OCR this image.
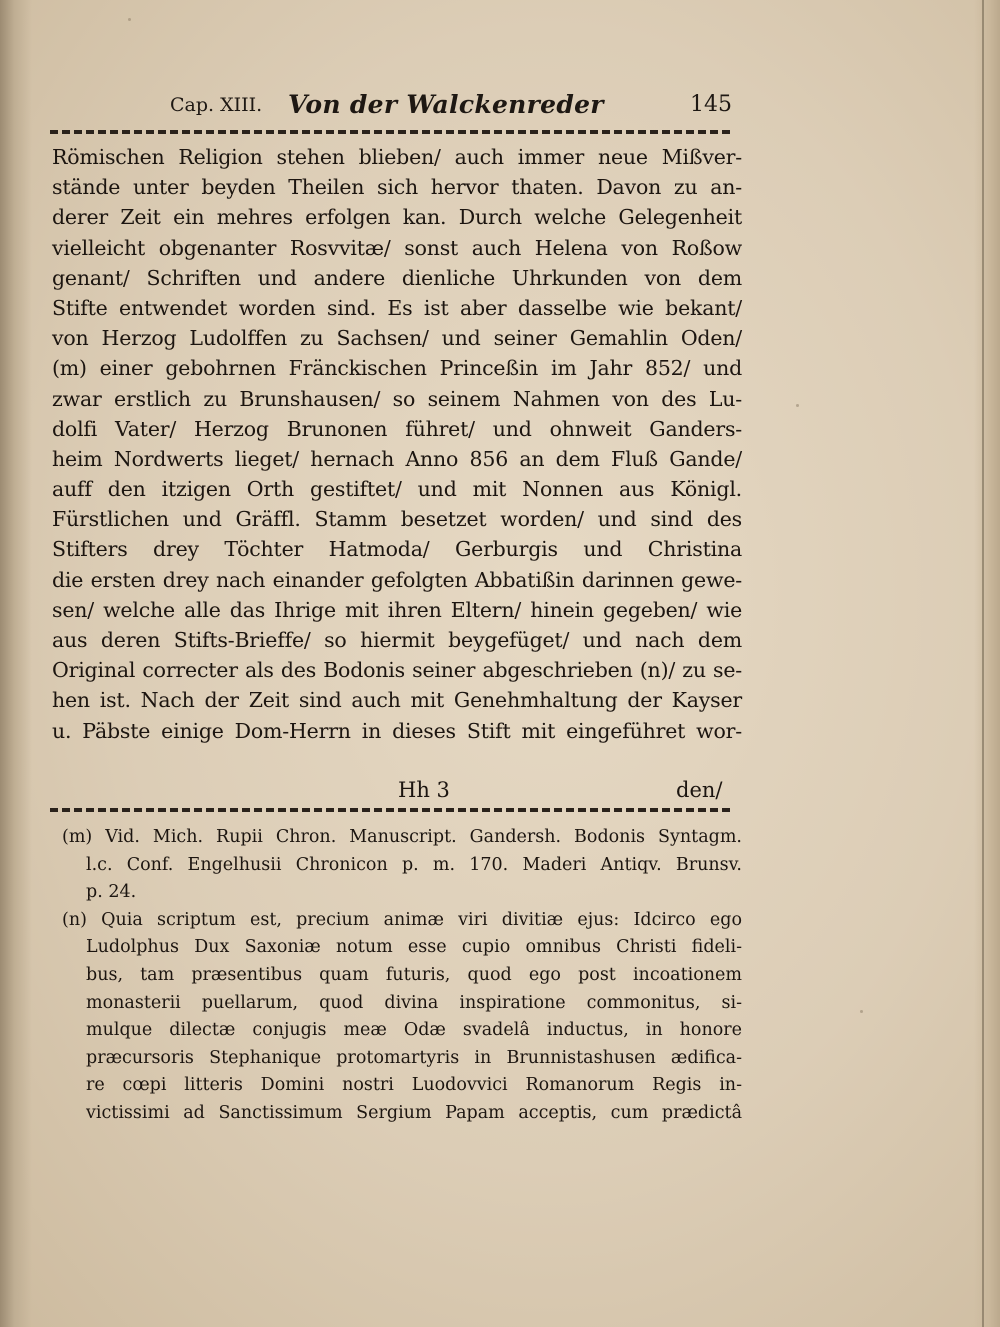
Cap. XIII. Von der Walckenreder	145
Römischen Religion stehen blieben/ auch immer neue Mißver-
stände unter beyden Theilen sich hervor thaten. Davon zu an-
derer Zeit ein mehres erfolgen kan. Durch welche Gelegenheit
vielleicht obgenanter Rosvvitæ/ sonst auch Helena von Roßow
genant/ Schriften und andere dienliche Uhrkunden von dem
Stifte entwendet worden sind. Es ist aber dasselbe wie bekant/
von Herzog Ludolffen zu Sachsen/ und seiner Gemahlin Oden/
(m) einer gebohrnen Fränckischen Princeßin im Jahr 852/ und
zwar erstlich zu Brunshausen/ so seinem Nahmen von des Lu-
dolfi Vater/ Herzog Brunonen führet/ und ohnweit Ganders-
heim Nordwerts lieget/ hernach Anno 856 an dem Fluß Gande/
auff den itzigen Orth gestiftet/ und mit Nonnen aus Königl.
Fürstlichen und Gräffl. Stamm besetzet worden/ und sind des
Stifters drey Töchter Hatmoda/ Gerburgis und Christina
die ersten drey nach einander gefolgten Abbatißin darinnen gewe-
sen/ welche alle das Ihrige mit ihren Eltern/ hinein gegeben/ wie
aus deren Stifts-Brieffe/ so hiermit beygefüget/ und nach dem
Original correcter als des Bodonis seiner abgeschrieben (n)/ zu se-
hen ist. Nach der Zeit sind auch mit Genehmhaltung der Kayser
u. Päbste einige Dom-Herrn in dieses Stift mit eingeführet wor-
Hh 3	den/
(m) Vid. Mich. Rupii Chron. Manuscript. Gandersh. Bodonis Syntagm.
l.c. Conf. Engelhusii Chronicon p. m. 170. Maderi Antiqv. Brunsv.
p. 24.
(n) Quia scriptum est, precium animæ viri divitiæ ejus: Idcirco ego
Ludolphus Dux Saxoniæ notum esse cupio omnibus Christi fideli-
bus, tam præsentibus quam futuris, quod ego post incoationem
monasterii puellarum, quod divina inspiratione commonitus, si-
mulque dilectæ conjugis meæ Odæ svadelâ inductus, in honore
præcursoris Stephanique protomartyris in Brunnistashusen ædifica-
re cœpi litteris Domini nostri Luodovvici Romanorum Regis in-
victissimi ad Sanctissimum Sergium Papam acceptis, cum prædictâ
